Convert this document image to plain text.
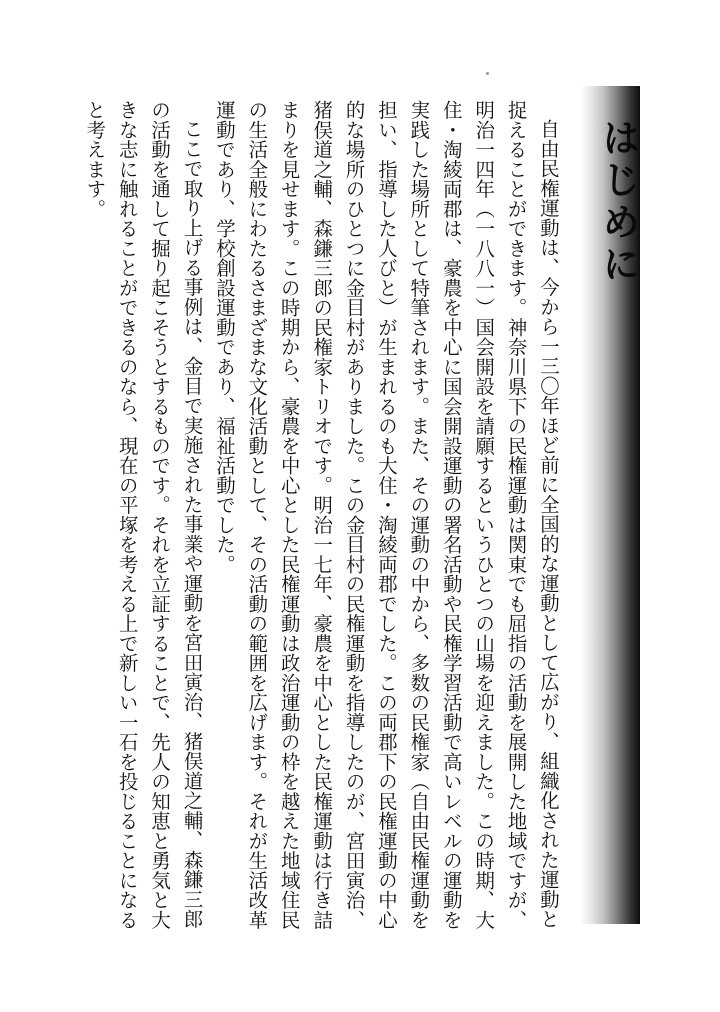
はじめに

自由民権運動は、今から一三〇年ほど前に全国的な運動として広がり、組織化された運動と捉えることができます。神奈川県下の民権運動は関東でも屈指の活動を展開した地域ですが、明治一四年（一八八一）国会開設を請願するというひとつの山場を迎えました。この時期、大住・淘綾両郡は、豪農を中心に国会開設運動の署名活動や民権学習活動で高いレベルの運動を実践した場所として特筆されます。また、その運動の中から、多数の民権家（自由民権運動を担い、指導した人びと）が生まれるのも大住・淘綾両郡でした。この両郡下の民権運動の中心的な場所のひとつに金目村がありました。この金目村の民権運動を指導したのが、宮田寅治、猪俣道之輔、森鎌三郎の民権家トリオです。明治一七年、豪農を中心とした民権運動は行き詰まりを見せます。この時期から、豪農を中心とした民権運動は政治運動の枠を越えた地域住民の生活全般にわたるさまざまな文化活動として、その活動の範囲を広げます。それが生活改革運動であり、学校創設運動であり、福祉活動でした。

ここで取り上げる事例は、金目で実施された事業や運動を宮田寅治、猪俣道之輔、森鎌三郎の活動を通して掘り起こそうとするものです。それを立証することで、先人の知恵と勇気と大きな志に触れることができるのなら、現在の平塚を考える上で新しい一石を投じることになると考えます。
